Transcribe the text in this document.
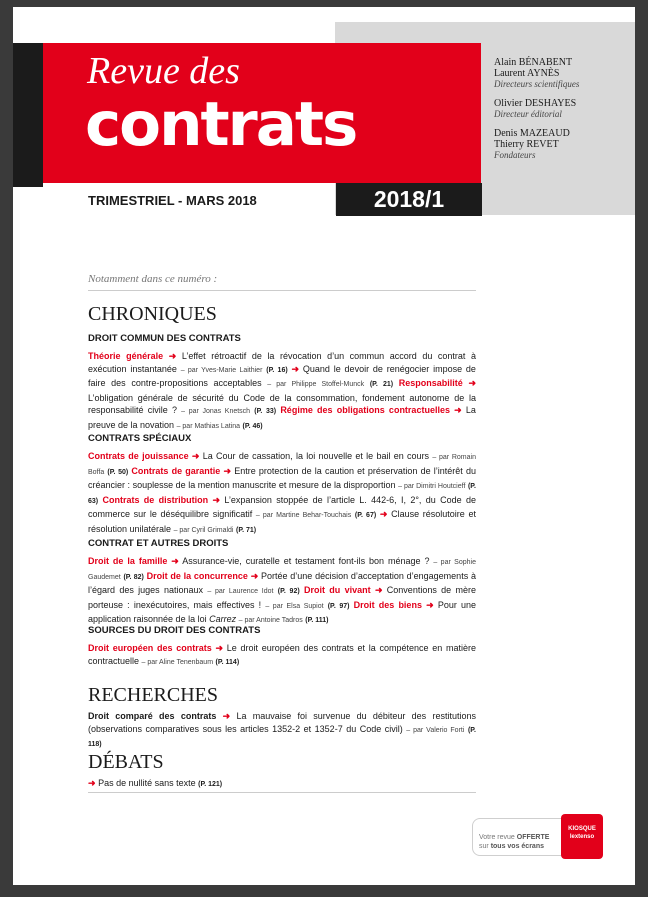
Revue des
contrats
Alain BÉNABENT
Laurent AYNÈS
Directeurs scientifiques
Olivier DESHAYES
Directeur éditorial
Denis MAZEAUD
Thierry REVET
Fondateurs
TRIMESTRIEL - MARS 2018	2018/1
Notamment dans ce numéro :
CHRONIQUES
DROIT COMMUN DES CONTRATS
Théorie générale ➜ L’effet rétroactif de la révocation d’un commun accord du contrat à exécution instantanée – par Yves-Marie Laithier (P. 16) ➜ Quand le devoir de renégocier impose de faire des contre-propositions acceptables – par Philippe Stoffel-Munck (P. 21) Responsabilité ➜ L’obligation générale de sécurité du Code de la consommation, fondement autonome de la responsabilité civile ? – par Jonas Knetsch (P. 33) Régime des obligations contractuelles ➜ La preuve de la novation – par Mathias Latina (P. 46)
CONTRATS SPÉCIAUX
Contrats de jouissance ➜ La Cour de cassation, la loi nouvelle et le bail en cours – par Romain Boffa (P. 50) Contrats de garantie ➜ Entre protection de la caution et préservation de l’intérêt du créancier : souplesse de la mention manuscrite et mesure de la disproportion – par Dimitri Houtcieff (P. 63) Contrats de distribution ➜ L’expansion stoppée de l’article L. 442-6, I, 2°, du Code de commerce sur le déséquilibre significatif – par Martine Behar-Touchais (P. 67) ➜ Clause résolutoire et résolution unilatérale – par Cyril Grimaldi (P. 71)
CONTRAT ET AUTRES DROITS
Droit de la famille ➜ Assurance-vie, curatelle et testament font-ils bon ménage ? – par Sophie Gaudemet (P. 82) Droit de la concurrence ➜ Portée d’une décision d’acceptation d’engagements à l’égard des juges nationaux – par Laurence Idot (P. 92) Droit du vivant ➜ Conventions de mère porteuse : inexécutoires, mais effectives ! – par Elsa Supiot (P. 97) Droit des biens ➜ Pour une application raisonnée de la loi Carrez – par Antoine Tadros (P. 111)
SOURCES DU DROIT DES CONTRATS
Droit européen des contrats ➜ Le droit européen des contrats et la compétence en matière contractuelle – par Aline Tenenbaum (P. 114)
RECHERCHES
Droit comparé des contrats ➜ La mauvaise foi survenue du débiteur des restitutions (observations comparatives sous les articles 1352-2 et 1352-7 du Code civil) – par Valerio Forti (P. 118)
DÉBATS
➜ Pas de nullité sans texte (P. 121)
Votre revue OFFERTE
sur tous vos écrans
KIOSQUE
lextenso
